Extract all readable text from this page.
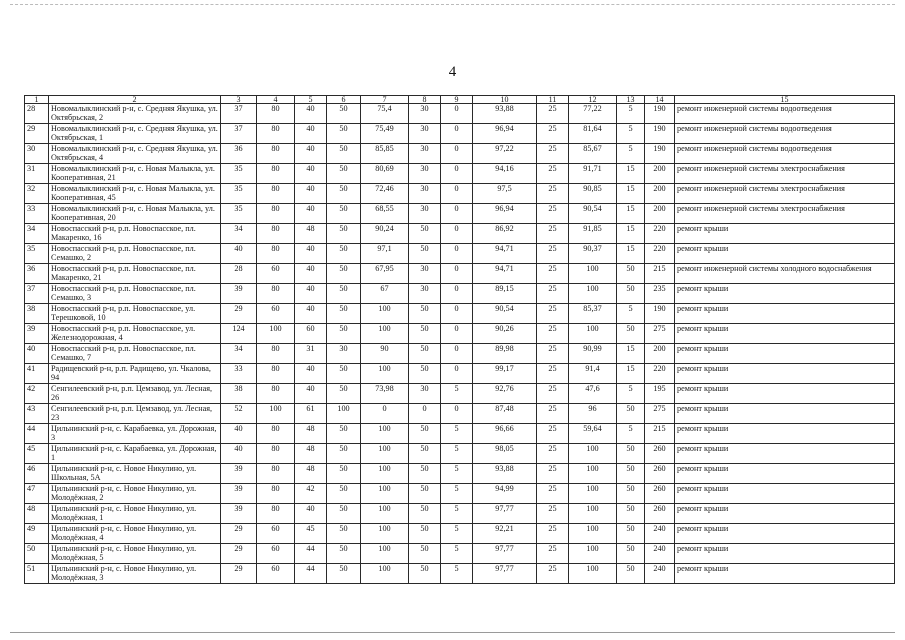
4
1	2	3	4	5	6	7	8	9	10	11	12	13	14	15
28	Новомалыклинский р-н, с. Средняя Якушка, ул. Октябрьская, 2	37	80	40	50	75,4	30	0	93,88	25	77,22	5	190	ремонт инженерной системы водоотведения
29	Новомалыклинский р-н, с. Средняя Якушка, ул. Октябрьская, 1	37	80	40	50	75,49	30	0	96,94	25	81,64	5	190	ремонт инженерной системы водоотведения
30	Новомалыклинский р-н, с. Средняя Якушка, ул. Октябрьская, 4	36	80	40	50	85,85	30	0	97,22	25	85,67	5	190	ремонт инженерной системы водоотведения
31	Новомалыклинский р-н, с. Новая Малыкла, ул. Кооперативная, 21	35	80	40	50	80,69	30	0	94,16	25	91,71	15	200	ремонт инженерной системы электроснабжения
32	Новомалыклинский р-н, с. Новая Малыкла, ул. Кооперативная, 45	35	80	40	50	72,46	30	0	97,5	25	90,85	15	200	ремонт инженерной системы электроснабжения
33	Новомалыклинский р-н, с. Новая Малыкла, ул. Кооперативная, 20	35	80	40	50	68,55	30	0	96,94	25	90,54	15	200	ремонт инженерной системы электроснабжения
34	Новоспасский р-н, р.п. Новоспасское, пл. Макаренко, 16	34	80	48	50	90,24	50	0	86,92	25	91,85	15	220	ремонт крыши
35	Новоспасский р-н, р.п. Новоспасское, пл. Семашко, 2	40	80	40	50	97,1	50	0	94,71	25	90,37	15	220	ремонт крыши
36	Новоспасский р-н, р.п. Новоспасское, пл. Макаренко, 21	28	60	40	50	67,95	30	0	94,71	25	100	50	215	ремонт инженерной системы холодного водоснабжения
37	Новоспасский р-н, р.п. Новоспасское, пл. Семашко, 3	39	80	40	50	67	30	0	89,15	25	100	50	235	ремонт крыши
38	Новоспасский р-н, р.п. Новоспасское, ул. Терешковой, 10	29	60	40	50	100	50	0	90,54	25	85,37	5	190	ремонт крыши
39	Новоспасский р-н, р.п. Новоспасское, ул. Железнодорожная, 4	124	100	60	50	100	50	0	90,26	25	100	50	275	ремонт крыши
40	Новоспасский р-н, р.п. Новоспасское, пл. Семашко, 7	34	80	31	30	90	50	0	89,98	25	90,99	15	200	ремонт крыши
41	Радищевский р-н, р.п. Радищево, ул. Чкалова, 94	33	80	40	50	100	50	0	99,17	25	91,4	15	220	ремонт крыши
42	Сенгилеевский р-н, р.п. Цемзавод, ул. Лесная, 26	38	80	40	50	73,98	30	5	92,76	25	47,6	5	195	ремонт крыши
43	Сенгилеевский р-н, р.п. Цемзавод, ул. Лесная, 23	52	100	61	100	0	0	0	87,48	25	96	50	275	ремонт крыши
44	Цильнинский р-н, с. Карабаевка, ул. Дорожная, 3	40	80	48	50	100	50	5	96,66	25	59,64	5	215	ремонт крыши
45	Цильнинский р-н, с. Карабаевка, ул. Дорожная, 1	40	80	48	50	100	50	5	98,05	25	100	50	260	ремонт крыши
46	Цильнинский р-н, с. Новое Никулино, ул. Школьная, 5А	39	80	48	50	100	50	5	93,88	25	100	50	260	ремонт крыши
47	Цильнинский р-н, с. Новое Никулино, ул. Молодёжная, 2	39	80	42	50	100	50	5	94,99	25	100	50	260	ремонт крыши
48	Цильнинский р-н, с. Новое Никулино, ул. Молодёжная, 1	39	80	40	50	100	50	5	97,77	25	100	50	260	ремонт крыши
49	Цильнинский р-н, с. Новое Никулино, ул. Молодёжная, 4	29	60	45	50	100	50	5	92,21	25	100	50	240	ремонт крыши
50	Цильнинский р-н, с. Новое Никулино, ул. Молодёжная, 5	29	60	44	50	100	50	5	97,77	25	100	50	240	ремонт крыши
51	Цильнинский р-н, с. Новое Никулино, ул. Молодёжная, 3	29	60	44	50	100	50	5	97,77	25	100	50	240	ремонт крыши
